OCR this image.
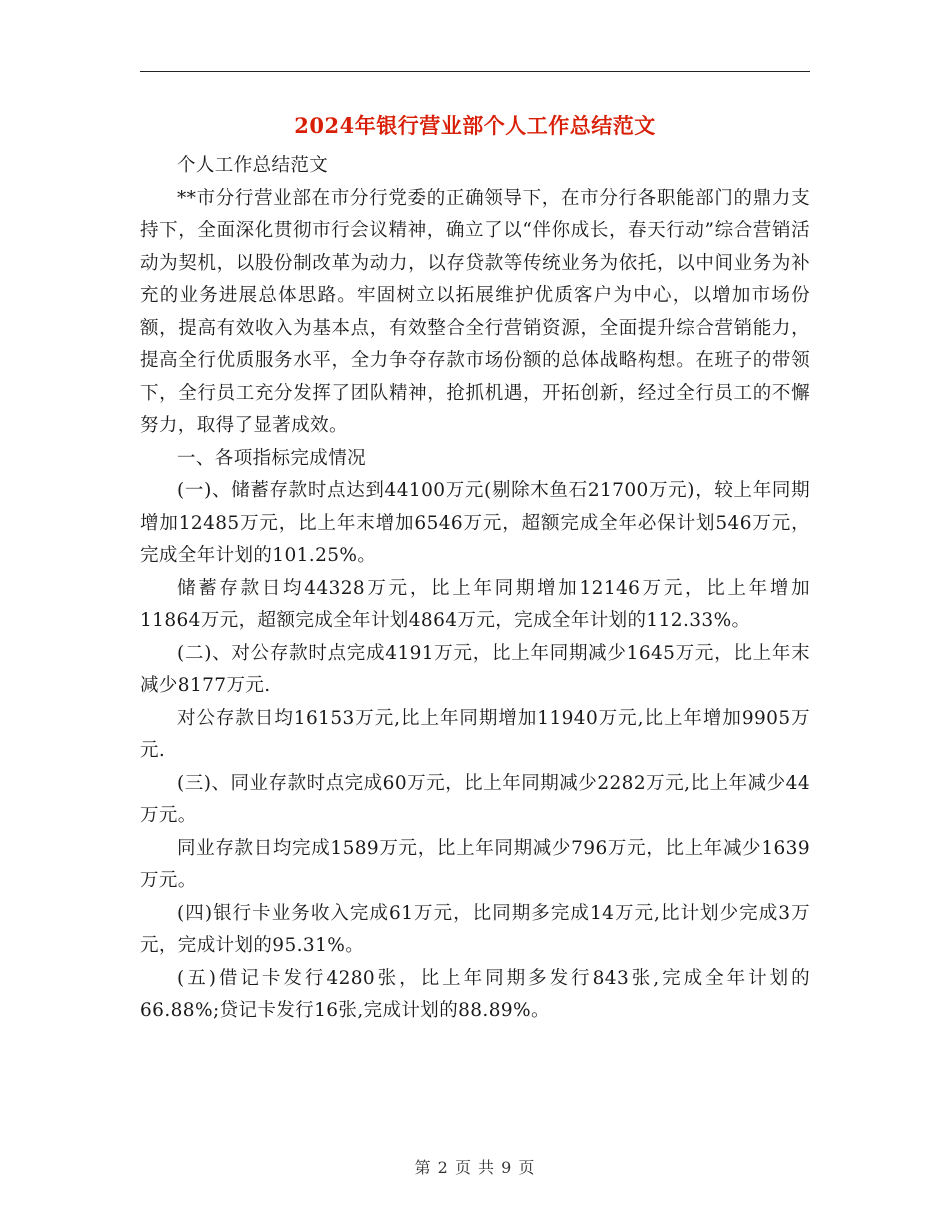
2024年银行营业部个人工作总结范文

个人工作总结范文

**市分行营业部在市分行党委的正确领导下，在市分行各职能部门的鼎力支持下，全面深化贯彻市行会议精神，确立了以“伴你成长，春天行动”综合营销活动为契机，以股份制改革为动力，以存贷款等传统业务为依托，以中间业务为补充的业务进展总体思路。牢固树立以拓展维护优质客户为中心，以增加市场份额，提高有效收入为基本点，有效整合全行营销资源，全面提升综合营销能力，提高全行优质服务水平，全力争夺存款市场份额的总体战略构想。在班子的带领下，全行员工充分发挥了团队精神，抢抓机遇，开拓创新，经过全行员工的不懈努力，取得了显著成效。

一、各项指标完成情况

(一)、储蓄存款时点达到44100万元(剔除木鱼石21700万元)，较上年同期增加12485万元，比上年末增加6546万元，超额完成全年必保计划546万元，完成全年计划的101.25%。

储蓄存款日均44328万元，比上年同期增加12146万元，比上年增加11864万元，超额完成全年计划4864万元，完成全年计划的112.33%。

(二)、对公存款时点完成4191万元，比上年同期减少1645万元，比上年末减少8177万元.

对公存款日均16153万元,比上年同期增加11940万元,比上年增加9905万元.

(三)、同业存款时点完成60万元，比上年同期减少2282万元,比上年减少44万元。

同业存款日均完成1589万元，比上年同期减少796万元，比上年减少1639万元。

(四)银行卡业务收入完成61万元，比同期多完成14万元,比计划少完成3万元，完成计划的95.31%。

(五)借记卡发行4280张，比上年同期多发行843张,完成全年计划的66.88%;贷记卡发行16张,完成计划的88.89%。

第 2 页 共 9 页
